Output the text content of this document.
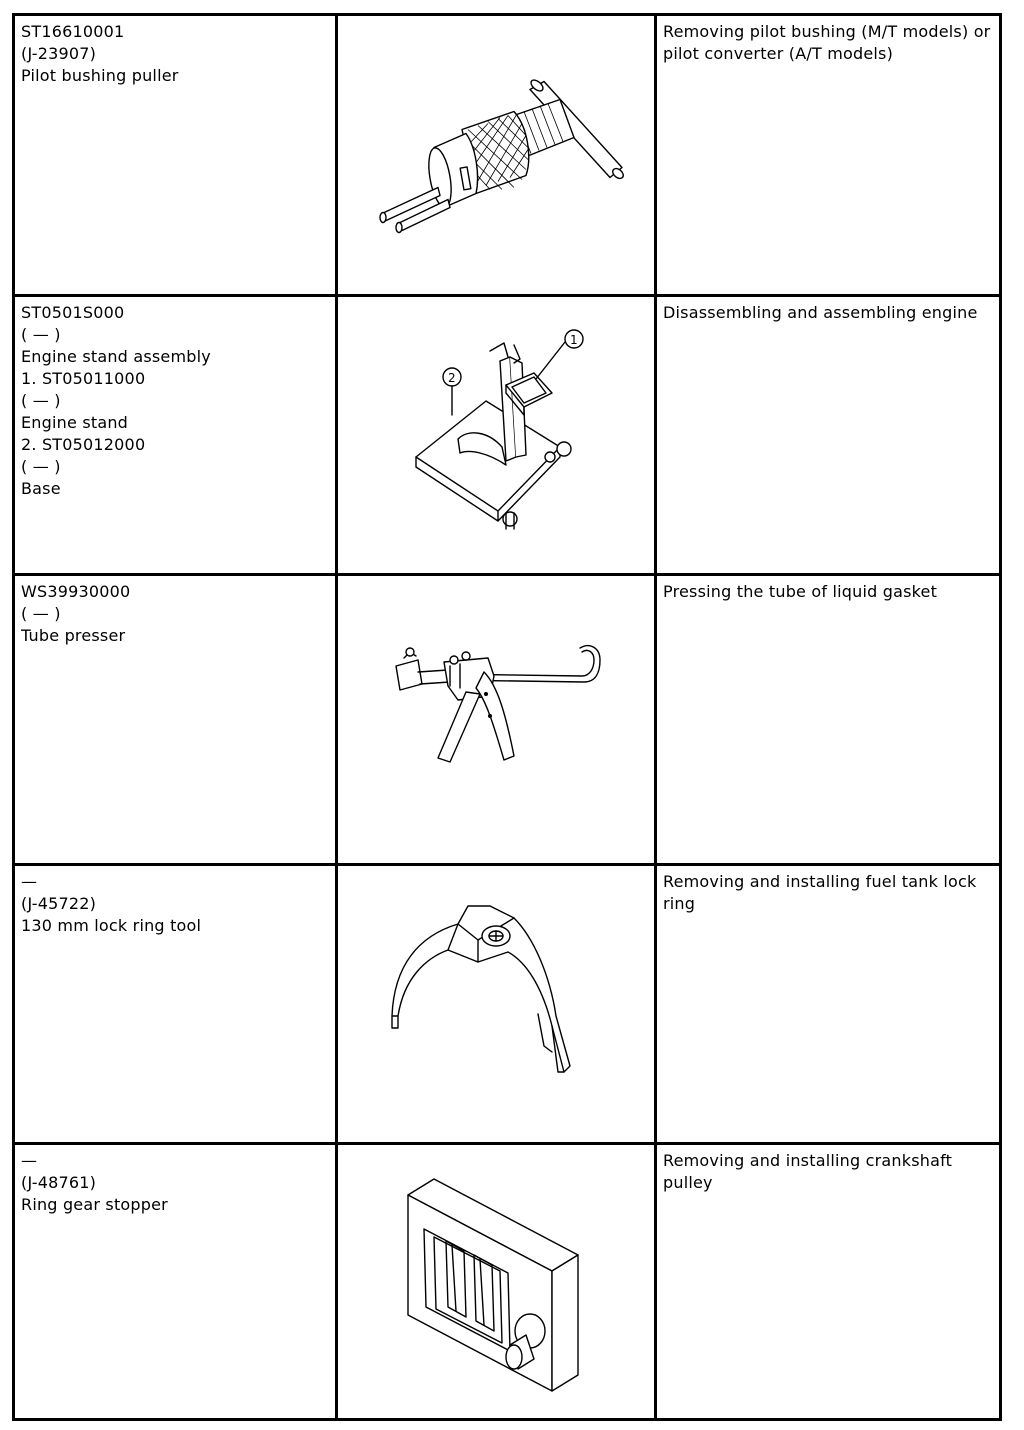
ST16610001
(J-23907)
Pilot bushing puller
Removing pilot bushing (M/T models) or pilot converter (A/T models)
ST0501S000
( — )
Engine stand assembly
1. ST05011000
( — )
Engine stand
2. ST05012000
( — )
Base
1
2
Disassembling and assembling engine
WS39930000
( — )
Tube presser
Pressing the tube of liquid gasket
—
(J-45722)
130 mm lock ring tool
Removing and installing fuel tank lock ring
—
(J-48761)
Ring gear stopper
Removing and installing crankshaft pulley
